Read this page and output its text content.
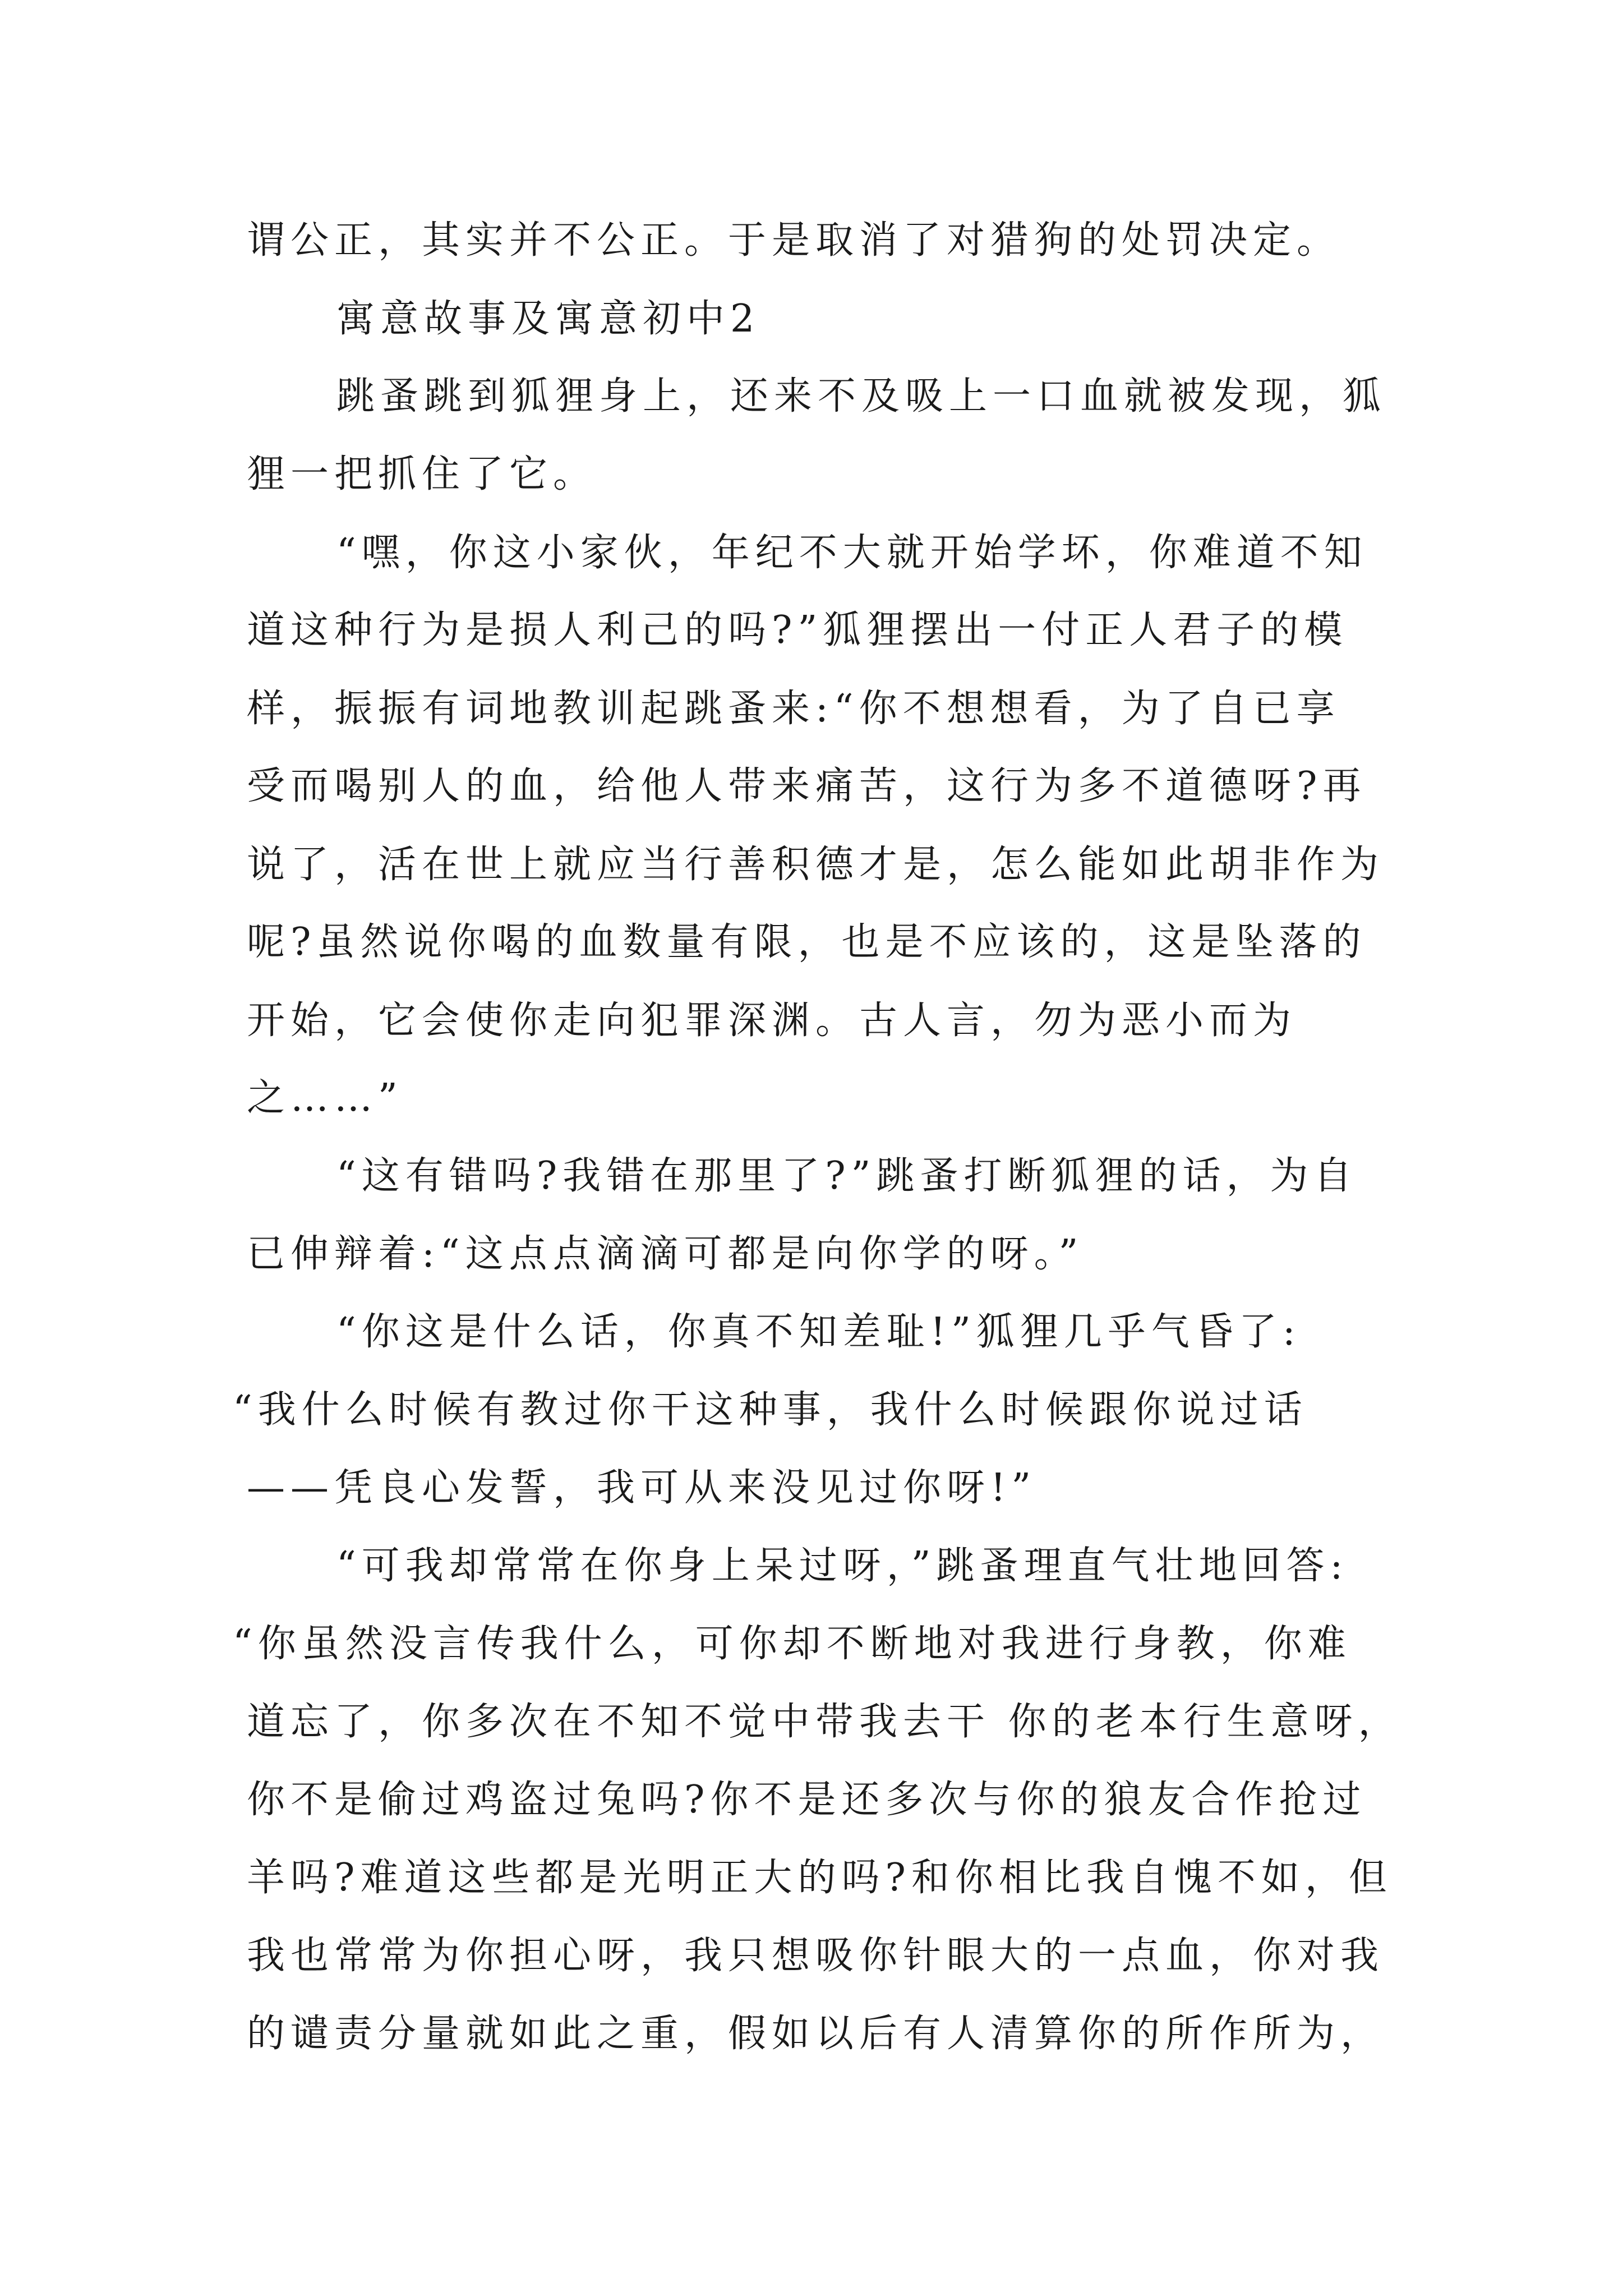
谓公正，其实并不公正。于是取消了对猎狗的处罚决定。
寓意故事及寓意初中2
跳蚤跳到狐狸身上，还来不及吸上一口血就被发现，狐
狸一把抓住了它。
“嘿，你这小家伙，年纪不大就开始学坏，你难道不知
道这种行为是损人利己的吗?”狐狸摆出一付正人君子的模
样，振振有词地教训起跳蚤来:“你不想想看，为了自已享
受而喝别人的血，给他人带来痛苦，这行为多不道德呀?再
说了，活在世上就应当行善积德才是，怎么能如此胡非作为
呢?虽然说你喝的血数量有限，也是不应该的，这是坠落的
开始，它会使你走向犯罪深渊。古人言，勿为恶小而为
之……”
“这有错吗?我错在那里了?”跳蚤打断狐狸的话，为自
已伸辩着:“这点点滴滴可都是向你学的呀。”
“你这是什么话，你真不知差耻!”狐狸几乎气昏了:
“我什么时候有教过你干这种事，我什么时候跟你说过话
——凭良心发誓，我可从来没见过你呀!”
“可我却常常在你身上呆过呀，”跳蚤理直气壮地回答:
“你虽然没言传我什么，可你却不断地对我进行身教，你难
道忘了，你多次在不知不觉中带我去干 你的老本行生意呀，
你不是偷过鸡盗过兔吗?你不是还多次与你的狼友合作抢过
羊吗?难道这些都是光明正大的吗?和你相比我自愧不如，但
我也常常为你担心呀，我只想吸你针眼大的一点血，你对我
的谴责分量就如此之重，假如以后有人清算你的所作所为，
